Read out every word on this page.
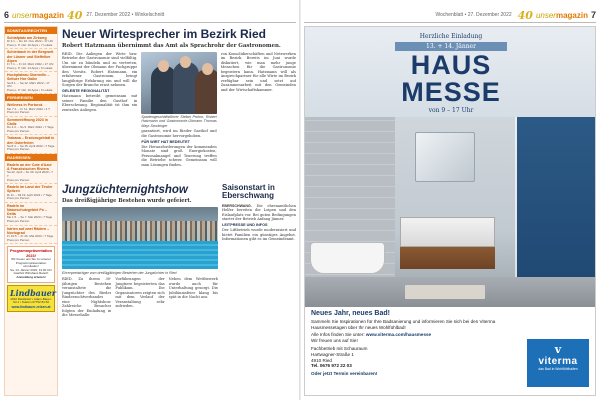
6 unsermagazin 40 27. Dezember 2022 • Winkelschnitt	Wochenblatt • 27. Dezember 2022 40 unsermagazin 7
SONNTAG/RECHTEN
Schlafplatz am Zirkweg
Di 3.1. – Do 10. Nov 2022 • 17 Uhr
Preis p. P. inkl. 10 Apps • 7 Lokale
Schierbach in der Bergwelt der Lüsner und Steffelker Alpen
Fr 7.1. – Fr 10. März 2022 • 17 Uhr
Preis p. P. inkl. 14 Apps • 6 Lokale
Hochplateau Obernelln – Seltuer Hor Gaike
Sa 8.1. – Sa 12. März 2022 • 17 Uhr
Preis p. P. inkl. 10 Apps • 6 Lokale
FERNREISEN
Wellness in Portorož
Mo 7.2. – Fr 11. März 2022 • 4 T
Preis pro Person
Sommeröffnung 2023 in Cádiz
Do 2.3. – So 5. März 2022 • 7 Tage
Preis pro Person
Trabana – Erzdorogeblatt in den Osterferien
Sa 8.4. – Sa 15. April 2022 • 7 Tage
Preis pro Person
RADREISEN
Radeln an der Cote d'Azur & Französischen Riviera
Sa 22. April – So 30. April 2023 • 7 T
Preis pro Person
Radeln im Land der Tiroler Spitzen
Di 11. – Mi 19. April 2023 • 7 Tage
Preis pro Person
Radeln im Naturschutzgebiet Po – Delta
Mo 1.5. – So 7. Mai 2023 • 7 Tage
Preis pro Person
Istrien auf zwei Rädern – Noviograd
Fr 19.5. – Fr 26. Mai 2023 • 7 Tage
Preis pro Person
Programmpräsentation 2023!
Wir freuen uns Sie zu unserer Programmpräsentation einzuladen!
Sa, 14. Jänner 2023, 14:00 Uhr
Gasthof Wirtshaus Reisch
Anmeldung erbeten!
Lindbauer
4910 Riedlsdorf • Adam-Bauer-Str.1 • Telefon 07752 84 60
www.lindbauer-reisen.at
Neuer Wirtesprecher im Bezirk Ried
Robert Hatzmann übernimmt das Amt als Sprachrohr der Gastronomen.
REID. Die Anliegen der Wirte bzw. Betriebe der Gastronomie sind vielfältig. Um sie zu bündeln und zu vertreten, übernimmt der Obmann der Fachgruppe den Vorsitz. Robert Hatzmann, ein erfahrener Gastronom, bringt langjährige Erfahrung ein und will die Sorgen der Branche ernst nehmen.
GELEBTE REGIONALITÄT
Hatzmann betreibt gemeinsam mit seiner Familie den Gasthof in Eberschwang. Regionalität ist ihm ein zentrales Anliegen.
Spartengeschäftsführer Stefan Prohor, Robert Hatzmann und Gastronomie-Obmann Thomas Mayr-Stockinger
garantiert, wird im Rieder Gasthof und die Gastronomie hervorgehoben.
FÜR WIRT HAT BEDEUTET
Die Herausforderungen der kommenden Monate sind groß. Energiekosten, Personalmangel und Teuerung treffen die Betriebe schwer. Gemeinsam will man Lösungen finden.
von Konsolidierschäften und Netzwerken im Bezirk. Bereits im Juni wurde diskutiert, wie man mehr junge Menschen für die Gastronomie begeistern kann. Hatzmann will als Ansprechpartner für alle Wirte im Bezirk verfügbar sein und setzt auf Zusammenarbeit mit den Gemeinden und der Wirtschaftskammer.
Jungzüchternightshow
Das dreißigjährige Bestehen wurde gefeiert.
Ehrenpreisträger vom dreißigjährigen Bestehen der Jungzüchter in Ried
RIED. Zu ihrem 30-jährigen Bestehen veranstaltete die Jungzüchter des Rieder Rinderzuchtverbandes eine Nightshow. Zahlreiche Besucher folgten der Einladung in die Messehalle.
Vorführungen der Jungtiere begeisterten das Publikum. Die Organisatoren zeigten sich mit dem Verlauf der Veranstaltung sehr zufrieden.
Neben dem Wettbewerb wurde auch für Unterhaltung gesorgt. Die Jubiläumsfeier klang bis spät in die Nacht aus.
Saisonstart in Eberschwang
EBERSCHWANG. Die ehrenamtlichen Helfer bereiten die Loipen und den Eislaufplatz vor. Bei guten Bedingungen startet der Betrieb Anfang Jänner.
LEITPRESSE UND INFOS
Der Liftbetrieb wurde modernisiert und bietet Familien ein günstiges Angebot. Informationen gibt es im Gemeindeamt.
Herzliche Einladung
13. + 14. Jänner
HAUS
MESSE
von 9 – 17 Uhr
Neues Jahr, neues Bad!
Sammeln Sie Inspirationen für Ihre Badsanierung und informieren Sie sich bei den Viterma Hausmessetagen über Ihr neues Wohlfühlbad!
Alle Infos finden Sie unter: www.viterma.com/hausmesse
Wir freuen uns auf Sie!
Fachbetrieb mit Schauraum
Hartwagner-Straße 1
4910 Ried
Tel. 0676 972 22 03
Oder jetzt Termin vereinbaren!
v
viterma
das Bad in Wohlfühlhalten
